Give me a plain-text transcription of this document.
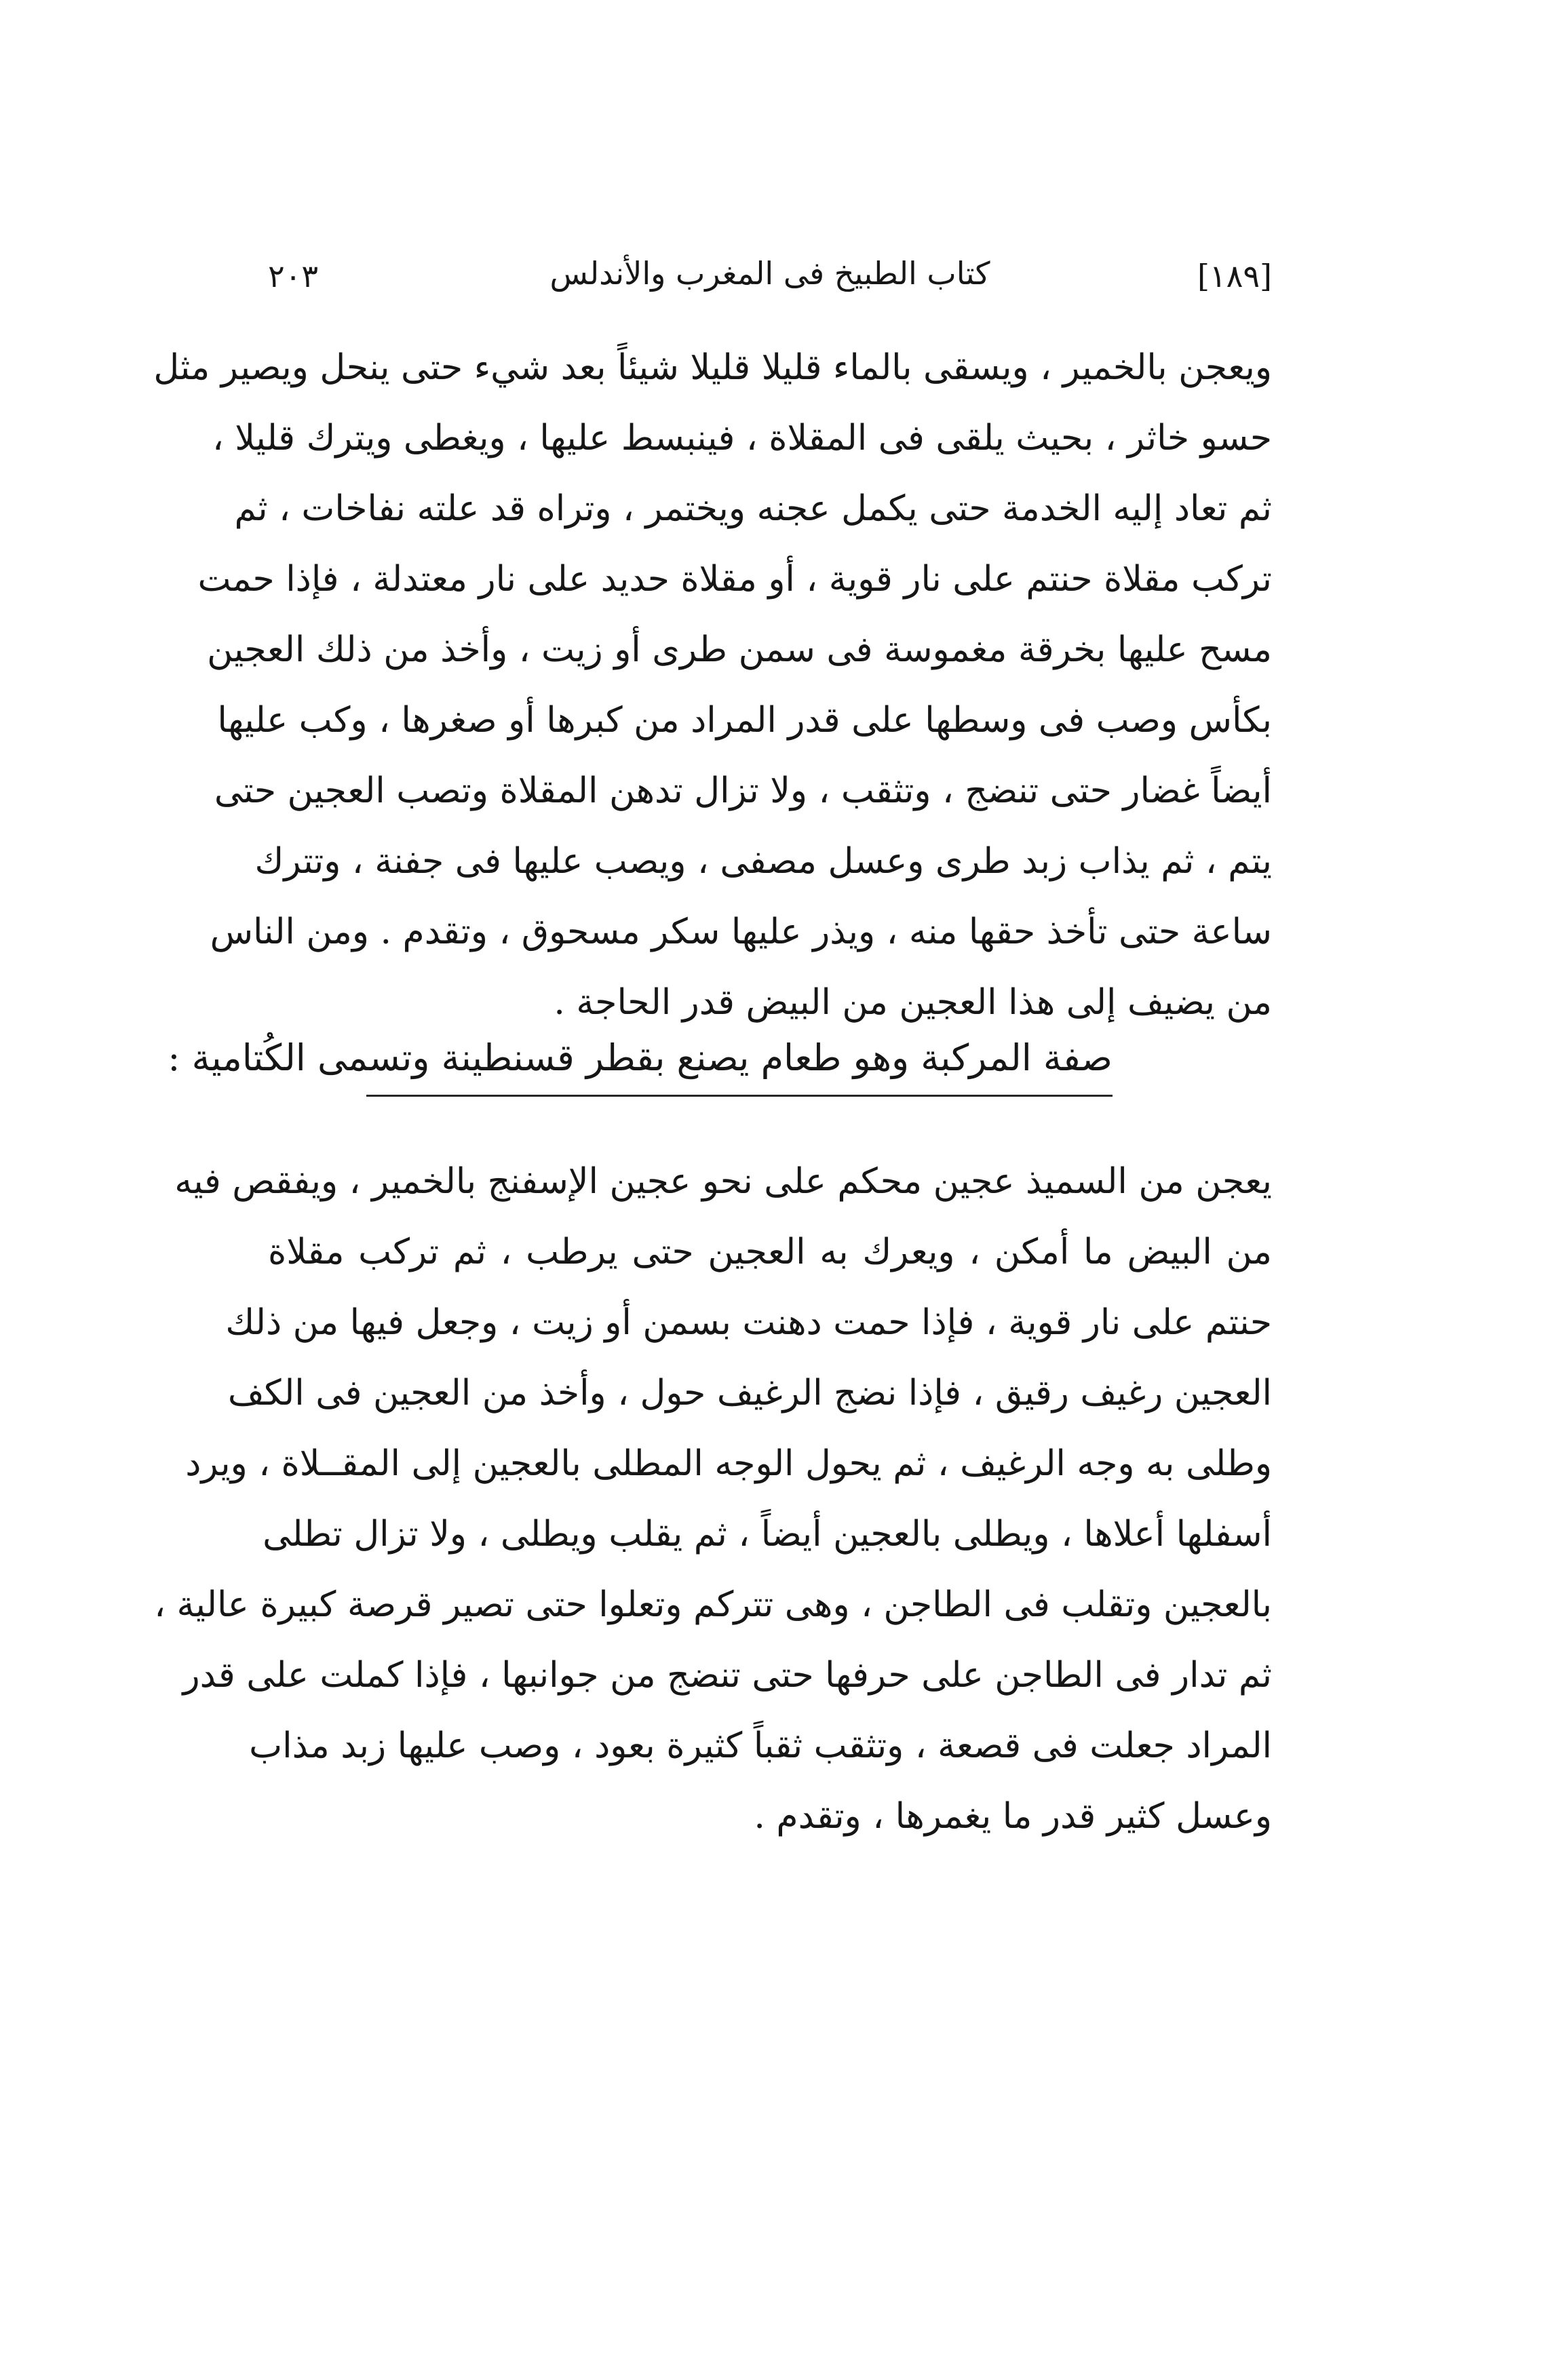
٢٠٣	كتاب الطبيخ فى المغرب والأندلس	[١٨٩]
ويعجن بالخمير ، ويسقى بالماء قليلا قليلا شيئاً بعد شيء حتى ينحل ويصير مثل
حسو خاثر ، بحيث يلقى فى المقلاة ، فينبسط عليها ، ويغطى ويترك قليلا ،
ثم تعاد إليه الخدمة حتى يكمل عجنه ويختمر ، وتراه قد علته نفاخات ، ثم
تركب مقلاة حنتم على نار قوية ، أو مقلاة حديد على نار معتدلة ، فإذا حمت
مسح عليها بخرقة مغموسة فى سمن طرى أو زيت ، وأخذ من ذلك العجين
بكأس وصب فى وسطها على قدر المراد من كبرها أو صغرها ، وكب عليها
أيضاً غضار حتى تنضج ، وتثقب ، ولا تزال تدهن المقلاة وتصب العجين حتى
يتم ، ثم يذاب زبد طرى وعسل مصفى ، ويصب عليها فى جفنة ، وتترك
ساعة حتى تأخذ حقها منه ، ويذر عليها سكر مسحوق ، وتقدم . ومن الناس
من يضيف إلى هذا العجين من البيض قدر الحاجة .
صفة المركبة وهو طعام يصنع بقطر قسنطينة وتسمى الكُتامية :
يعجن من السميذ عجين محكم على نحو عجين الإسفنج بالخمير ، ويفقص فيه
من البيض ما أمكن ، ويعرك به العجين حتى يرطب ، ثم تركب مقلاة
حنتم على نار قوية ، فإذا حمت دهنت بسمن أو زيت ، وجعل فيها من ذلك
العجين رغيف رقيق ، فإذا نضج الرغيف حول ، وأخذ من العجين فى الكف
وطلى به وجه الرغيف ، ثم يحول الوجه المطلى بالعجين إلى المقــلاة ، ويرد
أسفلها أعلاها ، ويطلى بالعجين أيضاً ، ثم يقلب ويطلى ، ولا تزال تطلى
بالعجين وتقلب فى الطاجن ، وهى تتركم وتعلوا حتى تصير قرصة كبيرة عالية ،
ثم تدار فى الطاجن على حرفها حتى تنضج من جوانبها ، فإذا كملت على قدر
المراد جعلت فى قصعة ، وتثقب ثقباً كثيرة بعود ، وصب عليها زبد مذاب
وعسل كثير قدر ما يغمرها ، وتقدم .
